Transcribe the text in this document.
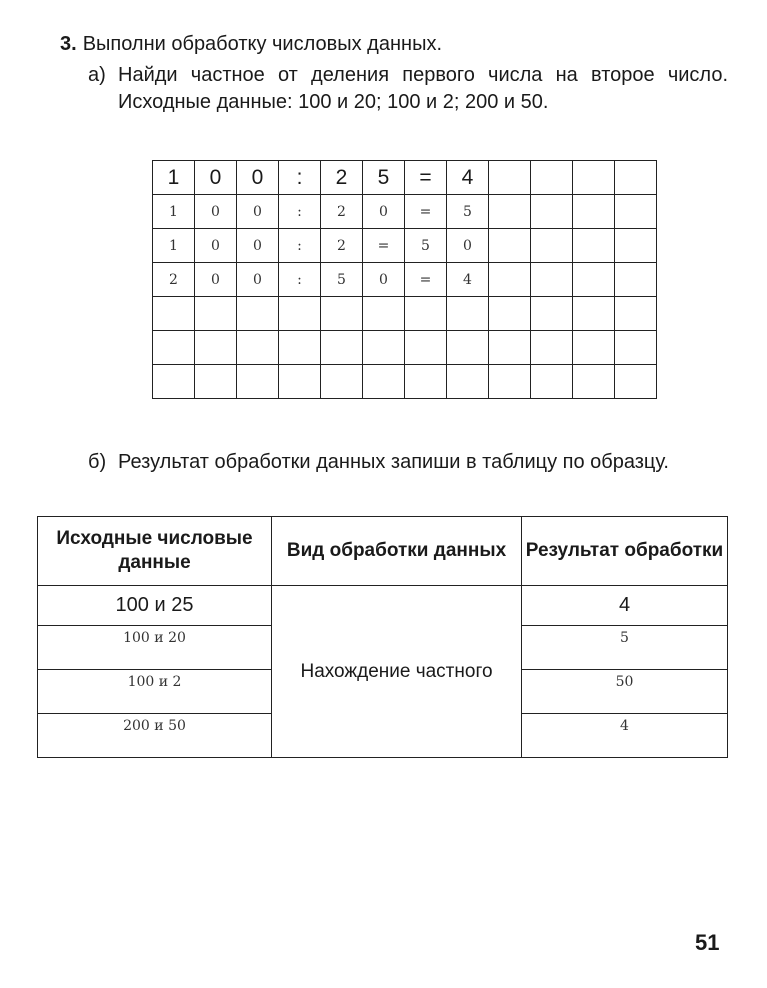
3. Выполни обработку числовых данных.
а) Найди частное от деления первого числа на второе число. Исходные данные: 100 и 20; 100 и 2; 200 и 50.
1	0	0	:	2	5	=	4				
1	0	0	:	2	0	=	5				
1	0	0	:	2	=	5	0				
2	0	0	:	5	0	=	4				

б) Результат обработки данных запиши в таблицу по образцу.
Исходные числовые данные	Вид обработки данных	Результат обработки
100 и 25	Нахождение частного	4
100 и 20		5
100 и 2		50
200 и 50		4
51
